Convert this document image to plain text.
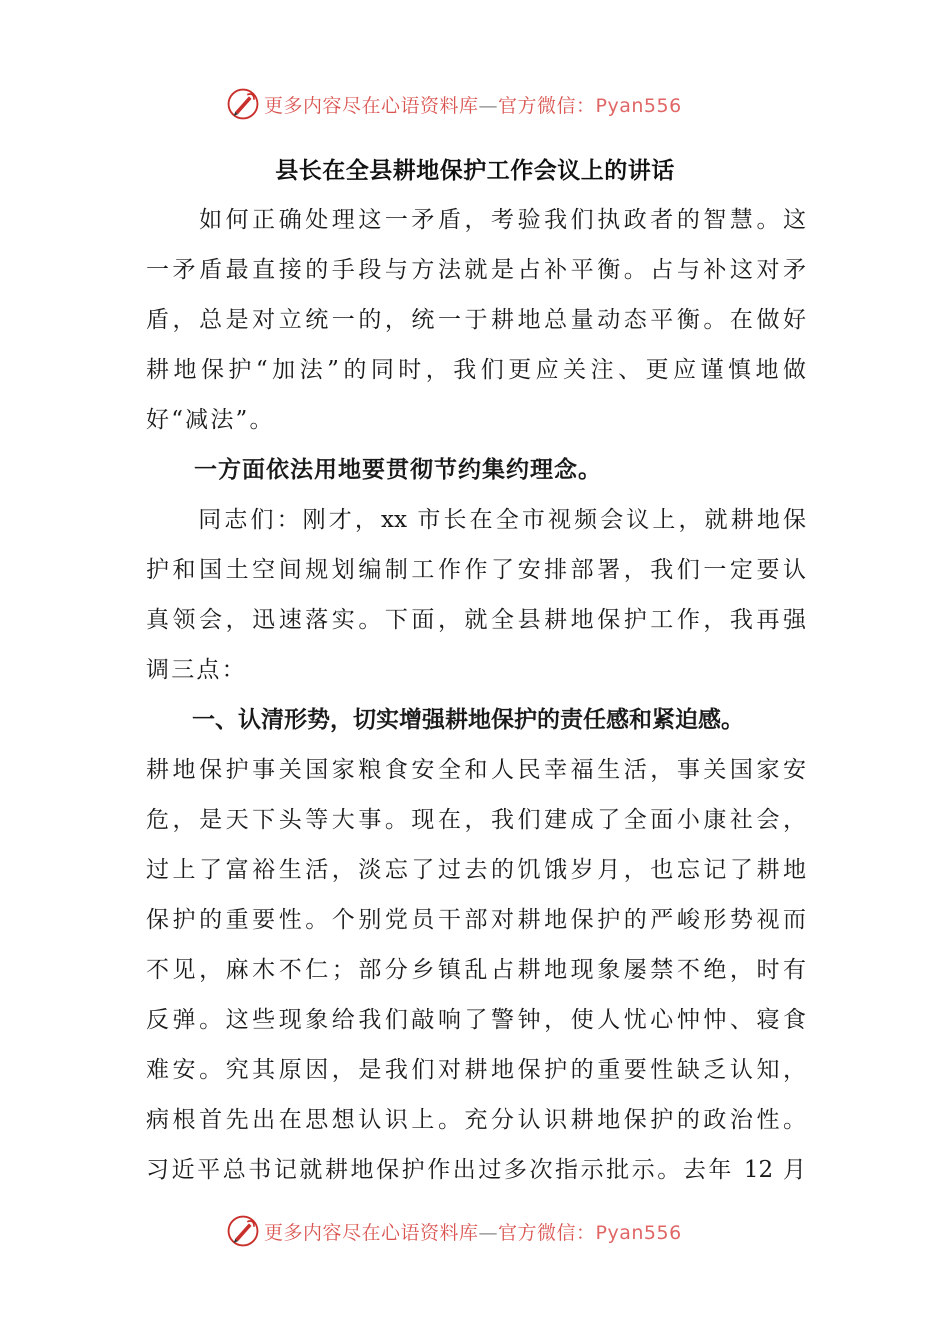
更多内容尽在心语资料库—官方微信：Pyan556
县长在全县耕地保护工作会议上的讲话
　　如何正确处理这一矛盾，考验我们执政者的智慧。这
一矛盾最直接的手段与方法就是占补平衡。占与补这对矛
盾，总是对立统一的，统一于耕地总量动态平衡。在做好
耕地保护“加法”的同时，我们更应关注、更应谨慎地做
好“减法”。
　　一方面依法用地要贯彻节约集约理念。
　　同志们：刚才，xx 市长在全市视频会议上，就耕地保
护和国土空间规划编制工作作了安排部署，我们一定要认
真领会，迅速落实。下面，就全县耕地保护工作，我再强
调三点：
　　一、认清形势，切实增强耕地保护的责任感和紧迫感。
耕地保护事关国家粮食安全和人民幸福生活，事关国家安
危，是天下头等大事。现在，我们建成了全面小康社会，
过上了富裕生活，淡忘了过去的饥饿岁月，也忘记了耕地
保护的重要性。个别党员干部对耕地保护的严峻形势视而
不见，麻木不仁；部分乡镇乱占耕地现象屡禁不绝，时有
反弹。这些现象给我们敲响了警钟，使人忧心忡忡、寝食
难安。究其原因，是我们对耕地保护的重要性缺乏认知，
病根首先出在思想认识上。充分认识耕地保护的政治性。
习近平总书记就耕地保护作出过多次指示批示。去年 12 月
更多内容尽在心语资料库—官方微信：Pyan556
